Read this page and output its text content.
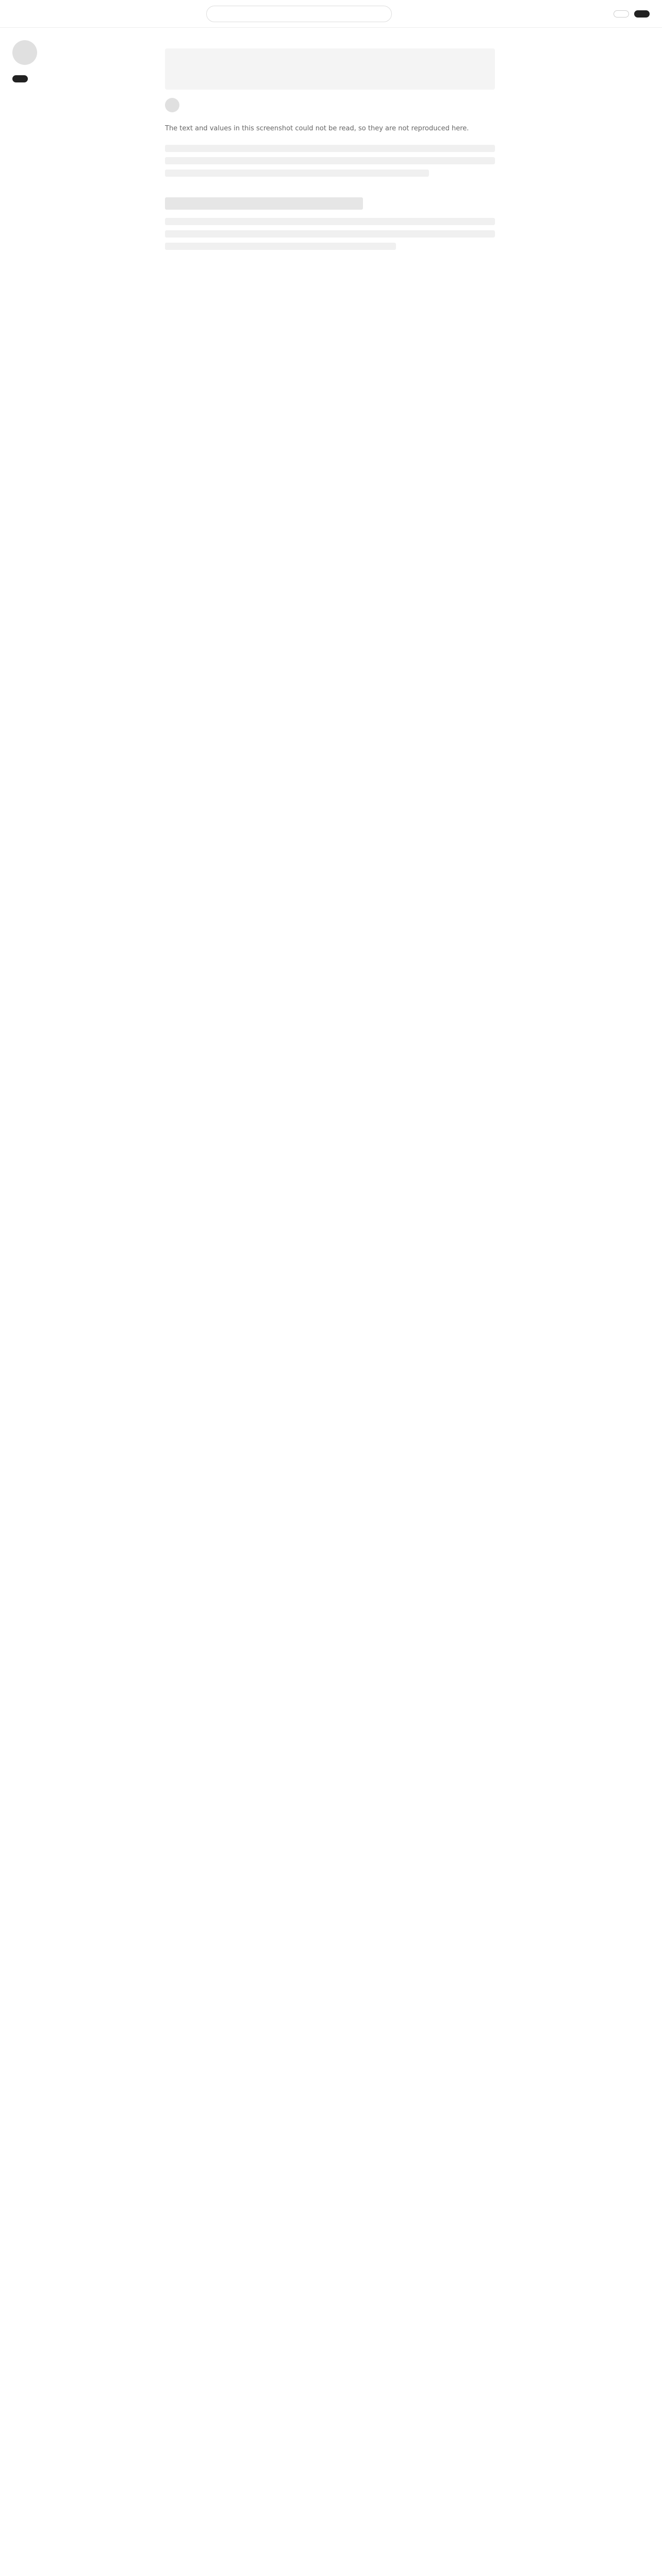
The text and values in this screenshot could not be read, so they are not reproduced here.
